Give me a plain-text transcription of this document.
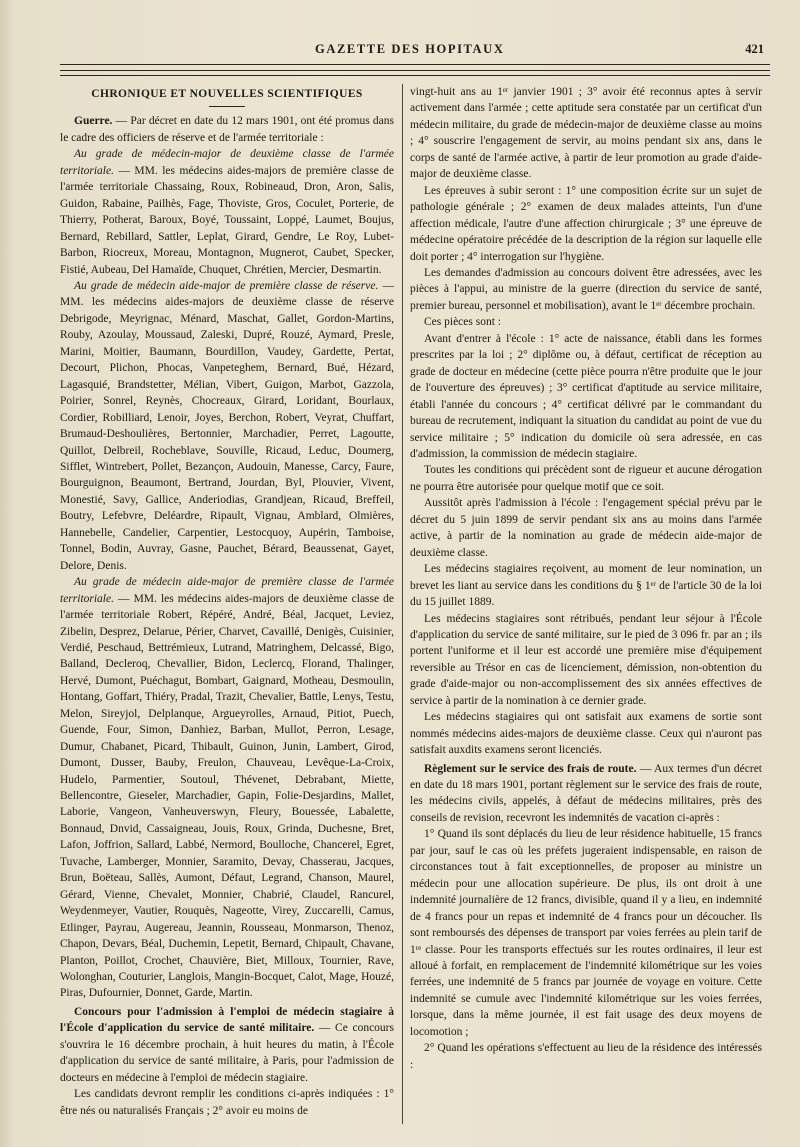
GAZETTE DES HOPITAUX	421
CHRONIQUE ET NOUVELLES SCIENTIFIQUES

Guerre. — Par décret en date du 12 mars 1901, ont été promus dans le cadre des officiers de réserve et de l'armée territoriale :

Au grade de médecin-major de deuxième classe de l'armée territoriale. — MM. les médecins aides-majors de première classe de l'armée territoriale Chassaing, Roux, Robineaud, Dron, Aron, Salis, Guidon, Rabaine, Pailhès, Fage, Thoviste, Gros, Coculet, Porterie, de Thierry, Potherat, Baroux, Boyé, Toussaint, Loppé, Laumet, Boujus, Bernard, Rebillard, Sattler, Leplat, Girard, Gendre, Le Roy, Lubet-Barbon, Riocreux, Moreau, Montagnon, Mugnerot, Caubet, Specker, Fistié, Aubeau, Del Hamaïde, Chuquet, Chrétien, Mercier, Desmartin.

Au grade de médecin aide-major de première classe de réserve. — MM. les médecins aides-majors de deuxième classe de réserve Debrigode, Meyrignac, Ménard, Maschat, Gallet, Gordon-Martins, Rouby, Azoulay, Moussaud, Zaleski, Dupré, Rouzé, Aymard, Presle, Marini, Moitier, Baumann, Bourdillon, Vaudey, Gardette, Pertat, Decourt, Plichon, Phocas, Vanpeteghem, Bernard, Bué, Hézard, Lagasquié, Brandstetter, Mélian, Vibert, Guigon, Marbot, Gazzola, Poirier, Sonrel, Reynès, Chocreaux, Girard, Loridant, Bourlaux, Cordier, Robilliard, Lenoir, Joyes, Berchon, Robert, Veyrat, Chuffart, Brumaud-Deshoulières, Bertonnier, Marchadier, Perret, Lagoutte, Quillot, Delbreil, Rocheblave, Souville, Ricaud, Leduc, Doumerg, Sifflet, Wintrebert, Pollet, Bezançon, Audouin, Manesse, Carcy, Faure, Bourguignon, Beaumont, Bertrand, Jourdan, Byl, Plouvier, Vivent, Monestié, Savy, Gallice, Anderiodias, Grandjean, Ricaud, Breffeil, Boutry, Lefebvre, Deléardre, Ripault, Vignau, Amblard, Olmières, Hannebelle, Candelier, Carpentier, Lestocquoy, Aupérin, Tamboise, Tonnel, Bodin, Auvray, Gasne, Pauchet, Bérard, Beaussenat, Gayet, Delore, Denis.

Au grade de médecin aide-major de première classe de l'armée territoriale. — MM. les médecins aides-majors de deuxième classe de l'armée territoriale Robert, Répéré, André, Béal, Jacquet, Leviez, Zibelin, Desprez, Delarue, Périer, Charvet, Cavaillé, Denigès, Cuisinier, Verdié, Peschaud, Bettrémieux, Lutrand, Matringhem, Delcassé, Bigo, Balland, Decleroq, Chevallier, Bidon, Leclercq, Florand, Thalinger, Hervé, Dumont, Puéchagut, Bombart, Gaignard, Motheau, Desmoulin, Hontang, Goffart, Thiéry, Pradal, Trazit, Chevalier, Battle, Lenys, Testu, Melon, Sireyjol, Delplanque, Argueyrolles, Arnaud, Pitiot, Puech, Guende, Four, Simon, Danhiez, Barban, Mullot, Perron, Lesage, Dumur, Chabanet, Picard, Thibault, Guinon, Junin, Lambert, Girod, Dumont, Dusser, Bauby, Freulon, Chauveau, Levêque-La-Croix, Hudelo, Parmentier, Soutoul, Thévenet, Debrabant, Miette, Bellencontre, Gieseler, Marchadier, Gapin, Folie-Desjardins, Mallet, Laborie, Vangeon, Vanheuverswyn, Fleury, Bouessée, Labalette, Bonnaud, Dnvid, Cassaigneau, Jouis, Roux, Grinda, Duchesne, Bret, Lafon, Joffrion, Sallard, Labbé, Nermord, Boulloche, Chancerel, Egret, Tuvache, Lamberger, Monnier, Saramito, Devay, Chasserau, Jacques, Brun, Boëteau, Sallès, Aumont, Défaut, Legrand, Chanson, Maurel, Gérard, Vienne, Chevalet, Monnier, Chabrié, Claudel, Rancurel, Weydenmeyer, Vautier, Rouquès, Nageotte, Virey, Zuccarelli, Camus, Etlinger, Payrau, Augereau, Jeannin, Rousseau, Monmarson, Thenoz, Chapon, Devars, Béal, Duchemin, Lepetit, Bernard, Chipault, Chavane, Planton, Poillot, Crochet, Chauvière, Biet, Milloux, Tournier, Rave, Wolonghan, Couturier, Langlois, Mangin-Bocquet, Calot, Mage, Houzé, Piras, Dufournier, Donnet, Garde, Martin.

Concours pour l'admission à l'emploi de médecin stagiaire à l'École d'application du service de santé militaire. — Ce concours s'ouvrira le 16 décembre prochain, à huit heures du matin, à l'École d'application du service de santé militaire, à Paris, pour l'admission de docteurs en médecine à l'emploi de médecin stagiaire.

Les candidats devront remplir les conditions ci-après indiquées : 1° être nés ou naturalisés Français ; 2° avoir eu moins de

vingt-huit ans au 1ᵉʳ janvier 1901 ; 3° avoir été reconnus aptes à servir activement dans l'armée ; cette aptitude sera constatée par un certificat d'un médecin militaire, du grade de médecin-major de deuxième classe au moins ; 4° souscrire l'engagement de servir, au moins pendant six ans, dans le corps de santé de l'armée active, à partir de leur promotion au grade d'aide-major de deuxième classe.

Les épreuves à subir seront : 1° une composition écrite sur un sujet de pathologie générale ; 2° examen de deux malades atteints, l'un d'une affection médicale, l'autre d'une affection chirurgicale ; 3° une épreuve de médecine opératoire précédée de la description de la région sur laquelle elle doit porter ; 4° interrogation sur l'hygiène.

Les demandes d'admission au concours doivent être adressées, avec les pièces à l'appui, au ministre de la guerre (direction du service de santé, premier bureau, personnel et mobilisation), avant le 1ᵉʳ décembre prochain.

Ces pièces sont :

Avant d'entrer à l'école : 1° acte de naissance, établi dans les formes prescrites par la loi ; 2° diplôme ou, à défaut, certificat de réception au grade de docteur en médecine (cette pièce pourra n'être produite que le jour de l'ouverture des épreuves) ; 3° certificat d'aptitude au service militaire, établi l'année du concours ; 4° certificat délivré par le commandant du bureau de recrutement, indiquant la situation du candidat au point de vue du service militaire ; 5° indication du domicile où sera adressée, en cas d'admission, la commission de médecin stagiaire.

Toutes les conditions qui précèdent sont de rigueur et aucune dérogation ne pourra être autorisée pour quelque motif que ce soit.

Aussitôt après l'admission à l'école : l'engagement spécial prévu par le décret du 5 juin 1899 de servir pendant six ans au moins dans l'armée active, à partir de la nomination au grade de médecin aide-major de deuxième classe.

Les médecins stagiaires reçoivent, au moment de leur nomination, un brevet les liant au service dans les conditions du § 1ᵉʳ de l'article 30 de la loi du 15 juillet 1889.

Les médecins stagiaires sont rétribués, pendant leur séjour à l'École d'application du service de santé militaire, sur le pied de 3 096 fr. par an ; ils portent l'uniforme et il leur est accordé une première mise d'équipement reversible au Trésor en cas de licenciement, démission, non-obtention du grade d'aide-major ou non-accomplissement des six années effectives de service à partir de la nomination à ce dernier grade.

Les médecins stagiaires qui ont satisfait aux examens de sortie sont nommés médecins aides-majors de deuxième classe. Ceux qui n'auront pas satisfait auxdits examens seront licenciés.

Règlement sur le service des frais de route. — Aux termes d'un décret en date du 18 mars 1901, portant règlement sur le service des frais de route, les médecins civils, appelés, à défaut de médecins militaires, près des conseils de revision, recevront les indemnités de vacation ci-après :

1° Quand ils sont déplacés du lieu de leur résidence habituelle, 15 francs par jour, sauf le cas où les préfets jugeraient indispensable, en raison de circonstances tout à fait exceptionnelles, de proposer au ministre un médecin pour une allocation supérieure. De plus, ils ont droit à une indemnité journalière de 12 francs, divisible, quand il y a lieu, en indemnité de 4 francs pour un repas et indemnité de 4 francs pour un découcher. Ils sont remboursés des dépenses de transport par voies ferrées au plein tarif de 1ʳᵉ classe. Pour les transports effectués sur les routes ordinaires, il leur est alloué à forfait, en remplacement de l'indemnité kilométrique sur les voies ferrées, une indemnité de 5 francs par journée de voyage en voiture. Cette indemnité se cumule avec l'indemnité kilométrique sur les voies ferrées, lorsque, dans la même journée, il est fait usage des deux moyens de locomotion ;

2° Quand les opérations s'effectuent au lieu de la résidence des intéressés :
